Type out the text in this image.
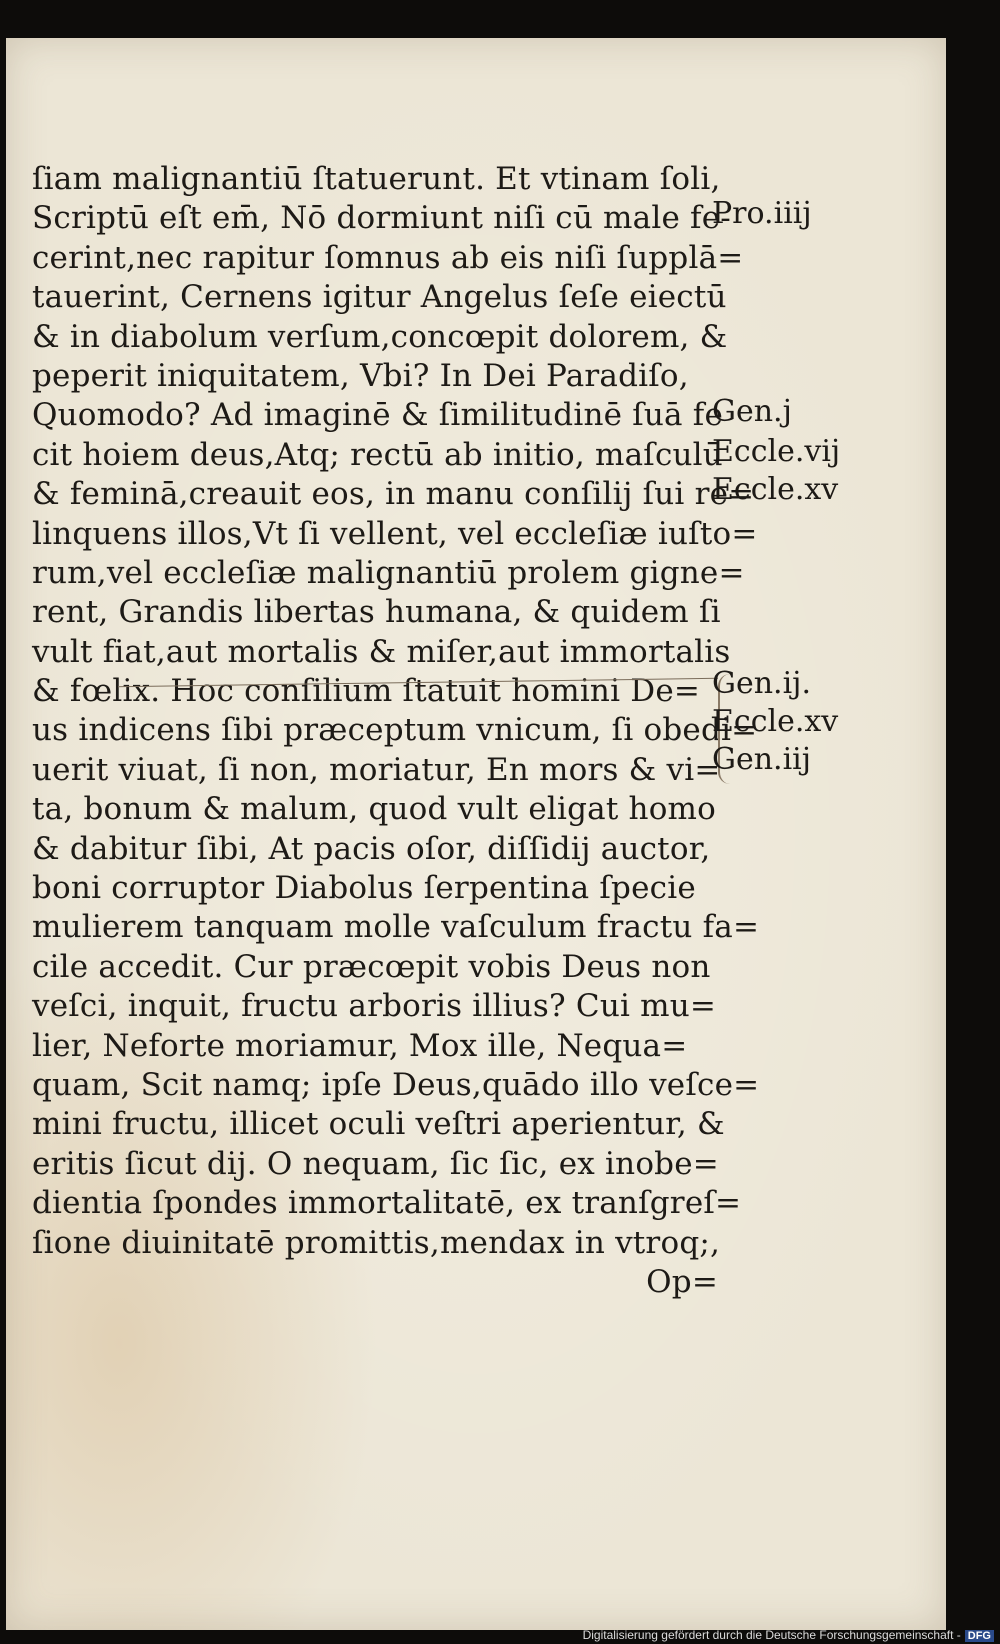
ſiam malignantiū ſtatuerunt. Et vtinam ſoli,
Scriptū eſt em̄, Nō dormiunt niſi cū male fe-
cerint,nec rapitur ſomnus ab eis niſi ſupplā=
tauerint, Cernens igitur Angelus ſeſe eiectū
& in diabolum verſum,concœpit dolorem, &
peperit iniquitatem, Vbi? In Dei Paradiſo,
Quomodo? Ad imaginē & ſimilitudinē ſuā fe
cit hoiem deus,Atq; rectū ab initio, maſculū
& feminā,creauit eos, in manu conſilij ſui re=
linquens illos,Vt ſi vellent, vel eccleſiæ iuſto=
rum,vel eccleſiæ malignantiū prolem gigne=
rent, Grandis libertas humana, & quidem ſi
vult fiat,aut mortalis & miſer,aut immortalis
& fœlix. Hoc conſilium ſtatuit homini De=
us indicens ſibi præceptum vnicum, ſi obedi=
uerit viuat, ſi non, moriatur, En mors & vi=
ta, bonum & malum, quod vult eligat homo
& dabitur ſibi, At pacis oſor, diſſidij auctor,
boni corruptor Diabolus ſerpentina ſpecie
mulierem tanquam molle vaſculum fractu fa=
cile accedit. Cur præcœpit vobis Deus non
veſci, inquit, fructu arboris illius? Cui mu=
lier, Neforte moriamur, Mox ille, Nequa=
quam, Scit namq; ipſe Deus,quādo illo veſce=
mini fructu, illicet oculi veſtri aperientur, &
eritis ſicut dij. O nequam, ſic ſic, ex inobe=
dientia ſpondes immortalitatē, ex tranſgreſ=
ſione diuinitatē promittis,mendax in vtroq;,
Op=
Pro.iiij
Gen.j
Eccle.vij
Eccle.xv
Gen.ij.
Eccle.xv
Gen.iij
Digitalisierung gefördert durch die Deutsche Forschungsgemeinschaft - DFG
